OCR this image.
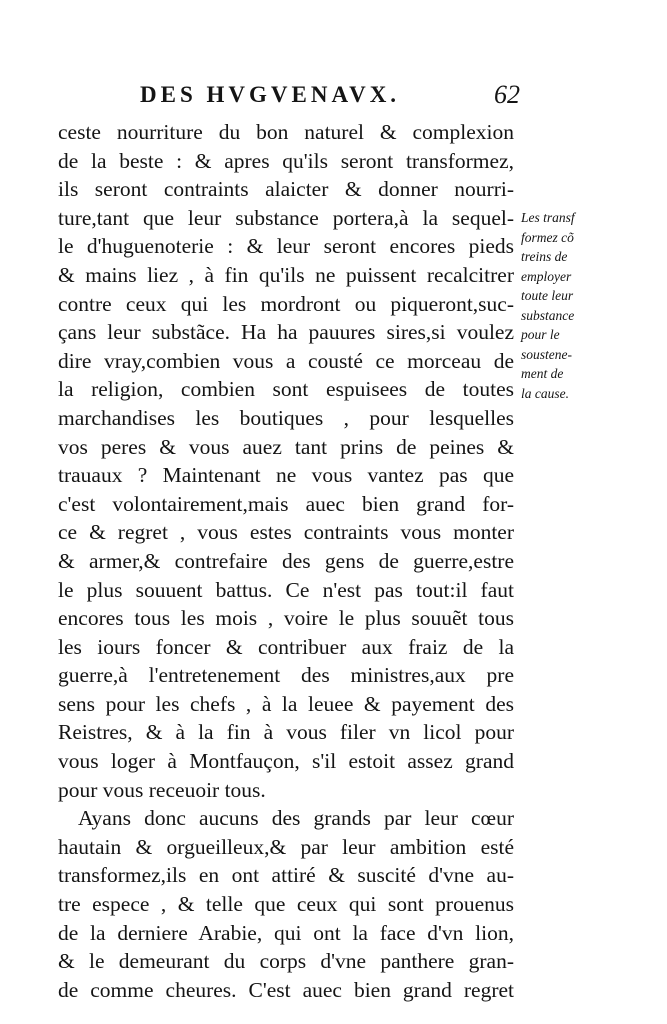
DES HVGVENAVX.	62
ceste nourriture du bon naturel & complexion
de la beste : & apres qu'ils seront transformez,
ils seront contraints alaicter & donner nourri-
ture,tant que leur substance portera,à la sequel-
le d'huguenoterie : & leur seront encores pieds
& mains liez , à fin qu'ils ne puissent recalcitrer
contre ceux qui les mordront ou piqueront,suc-
çans leur substãce. Ha ha pauures sires,si voulez
dire vray,combien vous a cousté ce morceau de
la religion, combien sont espuisees de toutes
marchandises les boutiques , pour lesquelles
vos peres & vous auez tant prins de peines &
trauaux ? Maintenant ne vous vantez pas que
c'est volontairement,mais auec bien grand for-
ce & regret , vous estes contraints vous monter
& armer,& contrefaire des gens de guerre,estre
le plus souuent battus. Ce n'est pas tout:il faut
encores tous les mois , voire le plus souuẽt tous
les iours foncer & contribuer aux fraiz de la
guerre,à l'entretenement des ministres,aux pre
sens pour les chefs , à la leuee & payement des
Reistres, & à la fin à vous filer vn licol pour
vous loger à Montfauçon, s'il estoit assez grand
pour vous receuoir tous.
Ayans donc aucuns des grands par leur cœur
hautain & orgueilleux,& par leur ambition esté
transformez,ils en ont attiré & suscité d'vne au-
tre espece , & telle que ceux qui sont prouenus
de la derniere Arabie, qui ont la face d'vn lion,
& le demeurant du corps d'vne panthere gran-
de comme cheures. C'est auec bien grand regret
Les transf
formez cõ
treins de
employer
toute leur
substance
pour le
soustene-
ment de
la cause.
